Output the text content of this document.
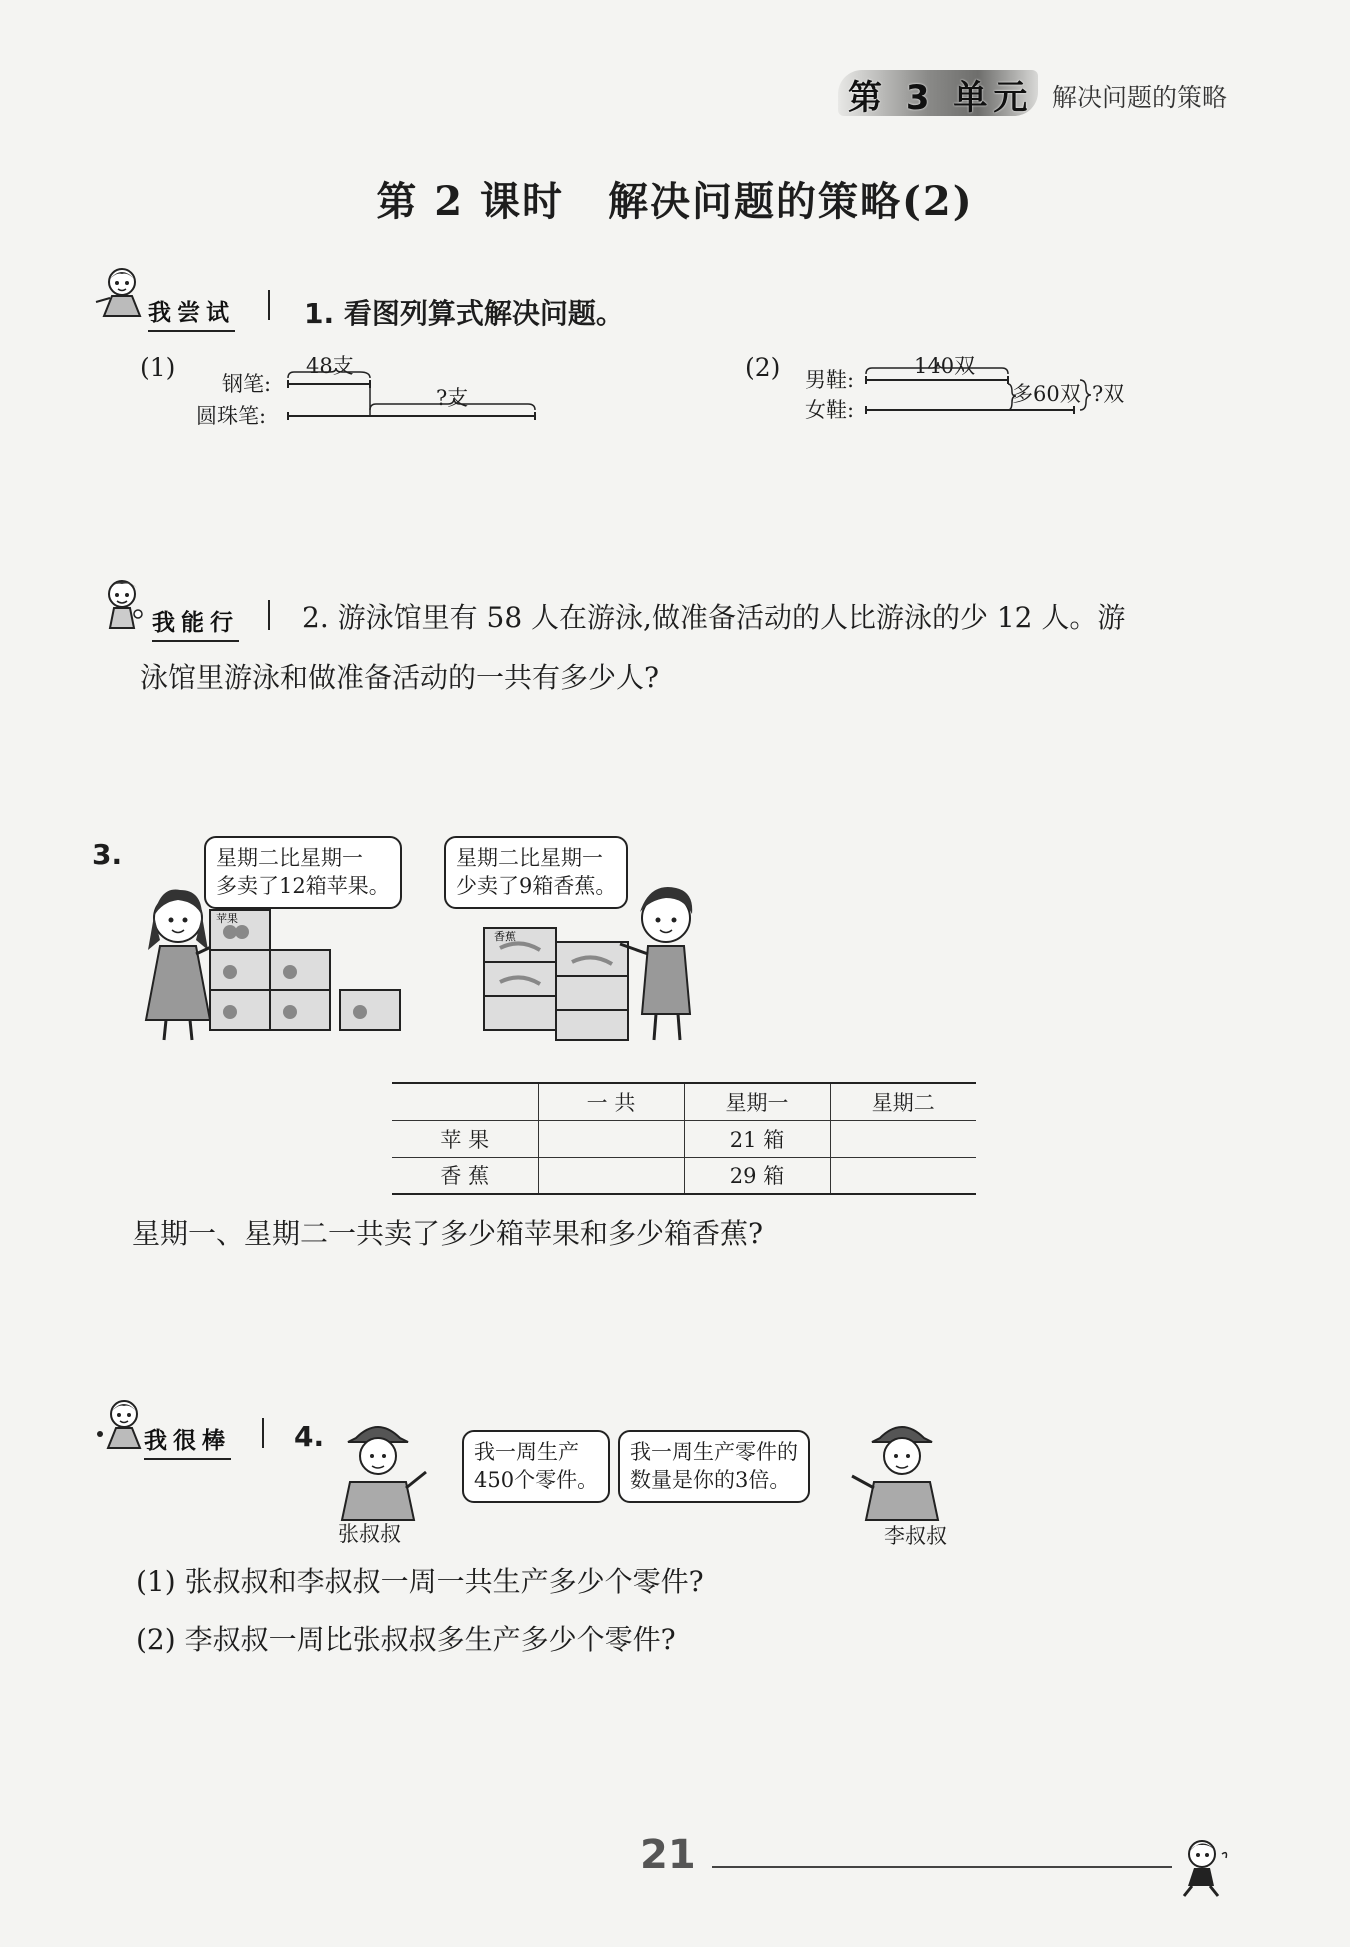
第 3 单元 解决问题的策略
第 2 课时 解决问题的策略(2)
我尝试 1. 看图列算式解决问题。
(1)
钢笔:
圆珠笔:
48支
?支
(2) 男鞋:
女鞋:
140双
多60双 ?双
我能行 2. 游泳馆里有 58 人在游泳,做准备活动的人比游泳的少 12 人。游
泳馆里游泳和做准备活动的一共有多少人?
3.	星期二比星期一
多卖了12箱苹果。
星期二比星期一
少卖了9箱香蕉。
苹果
香蕉
	一 共	星期一	星期二
苹 果		21 箱	
香 蕉		29 箱	
星期一、星期二一共卖了多少箱苹果和多少箱香蕉?
我很棒 4.
张叔叔
我一周生产
450个零件。
我一周生产零件的
数量是你的3倍。
李叔叔
(1) 张叔叔和李叔叔一周一共生产多少个零件?
(2) 李叔叔一周比张叔叔多生产多少个零件?
21
